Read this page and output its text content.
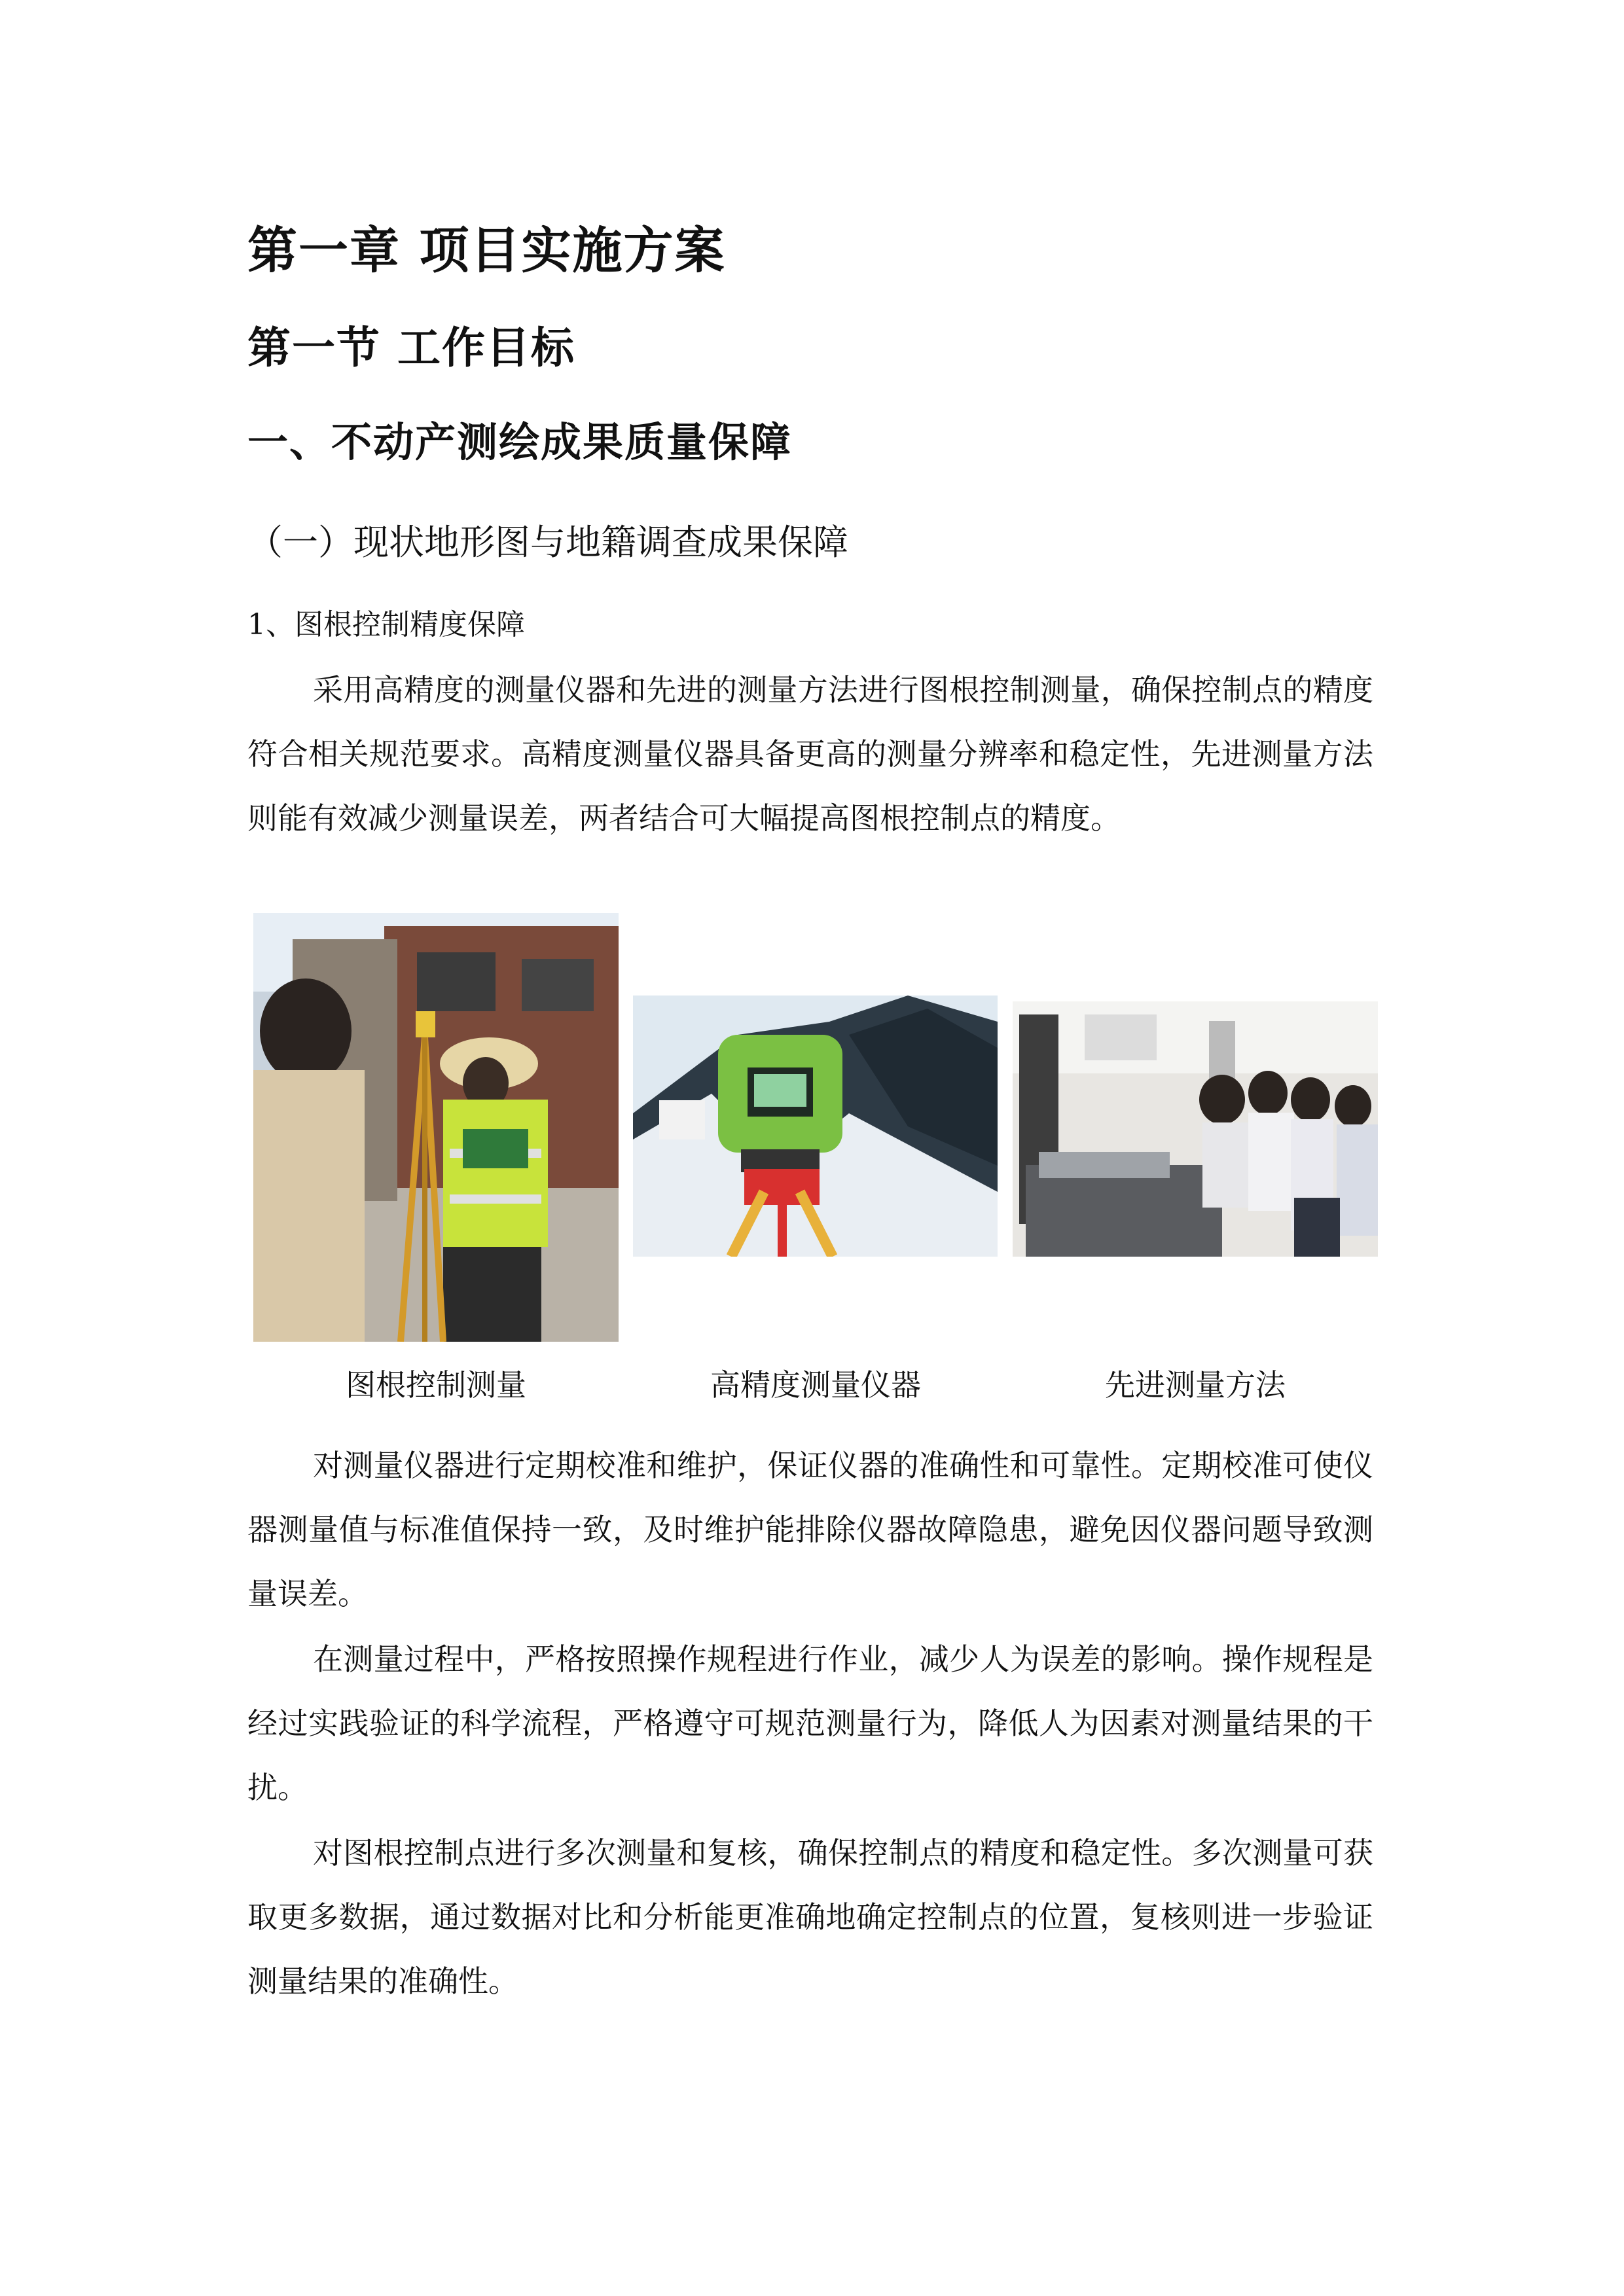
第一章 项目实施方案
第一节 工作目标
一、不动产测绘成果质量保障
（一）现状地形图与地籍调查成果保障
1、图根控制精度保障

采用高精度的测量仪器和先进的测量方法进行图根控制测量，确保控制点的精度符合相关规范要求。高精度测量仪器具备更高的测量分辨率和稳定性，先进测量方法则能有效减少测量误差，两者结合可大幅提高图根控制点的精度。

图根控制测量	高精度测量仪器	先进测量方法

对测量仪器进行定期校准和维护，保证仪器的准确性和可靠性。定期校准可使仪器测量值与标准值保持一致，及时维护能排除仪器故障隐患，避免因仪器问题导致测量误差。

在测量过程中，严格按照操作规程进行作业，减少人为误差的影响。操作规程是经过实践验证的科学流程，严格遵守可规范测量行为，降低人为因素对测量结果的干扰。

对图根控制点进行多次测量和复核，确保控制点的精度和稳定性。多次测量可获取更多数据，通过数据对比和分析能更准确地确定控制点的位置，复核则进一步验证测量结果的准确性。
